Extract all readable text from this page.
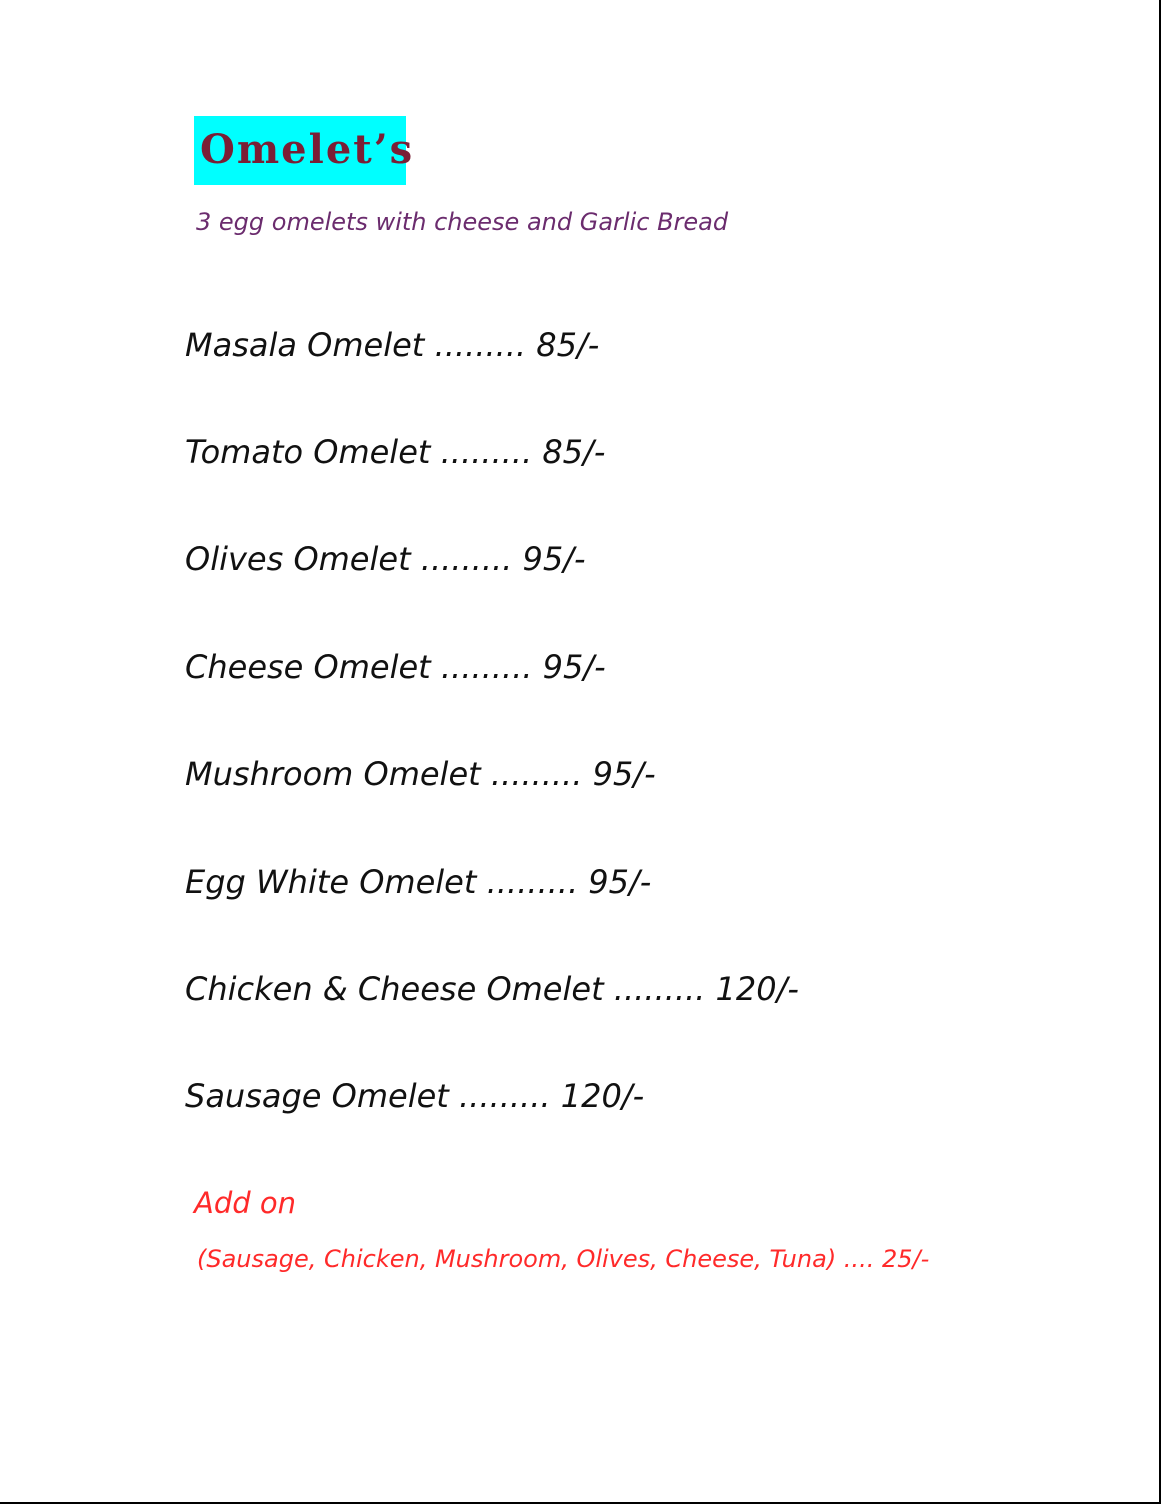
Omelet’s
3 egg omelets with cheese and Garlic Bread
Masala Omelet ......... 85/-
Tomato Omelet ......... 85/-
Olives Omelet ......... 95/-
Cheese Omelet ......... 95/-
Mushroom Omelet ......... 95/-
Egg White Omelet ......... 95/-
Chicken & Cheese Omelet ......... 120/-
Sausage Omelet ......... 120/-
Add on
(Sausage, Chicken, Mushroom, Olives, Cheese, Tuna) .... 25/-
